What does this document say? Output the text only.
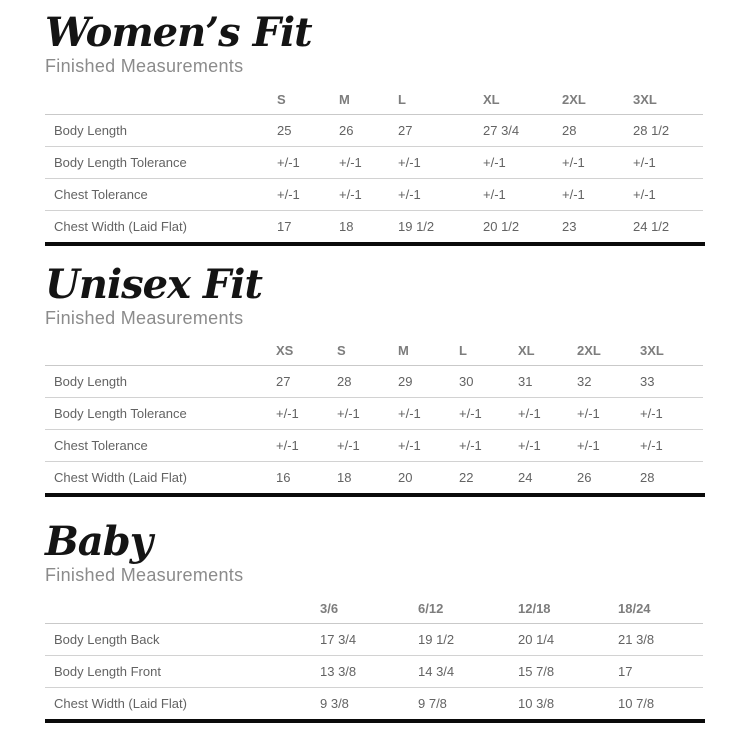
Women’s Fit
Finished Measurements
	S	M	L	XL	2XL	3XL
Body Length	25	26	27	27 3/4	28	28 1/2
Body Length Tolerance	+/-1	+/-1	+/-1	+/-1	+/-1	+/-1
Chest Tolerance	+/-1	+/-1	+/-1	+/-1	+/-1	+/-1
Chest Width (Laid Flat)	17	18	19 1/2	20 1/2	23	24 1/2
Unisex Fit
Finished Measurements
	XS	S	M	L	XL	2XL	3XL
Body Length	27	28	29	30	31	32	33
Body Length Tolerance	+/-1	+/-1	+/-1	+/-1	+/-1	+/-1	+/-1
Chest Tolerance	+/-1	+/-1	+/-1	+/-1	+/-1	+/-1	+/-1
Chest Width (Laid Flat)	16	18	20	22	24	26	28
Baby
Finished Measurements
	3/6	6/12	12/18	18/24
Body Length Back	17 3/4	19 1/2	20 1/4	21 3/8
Body Length Front	13 3/8	14 3/4	15 7/8	17
Chest Width (Laid Flat)	9 3/8	9 7/8	10 3/8	10 7/8
